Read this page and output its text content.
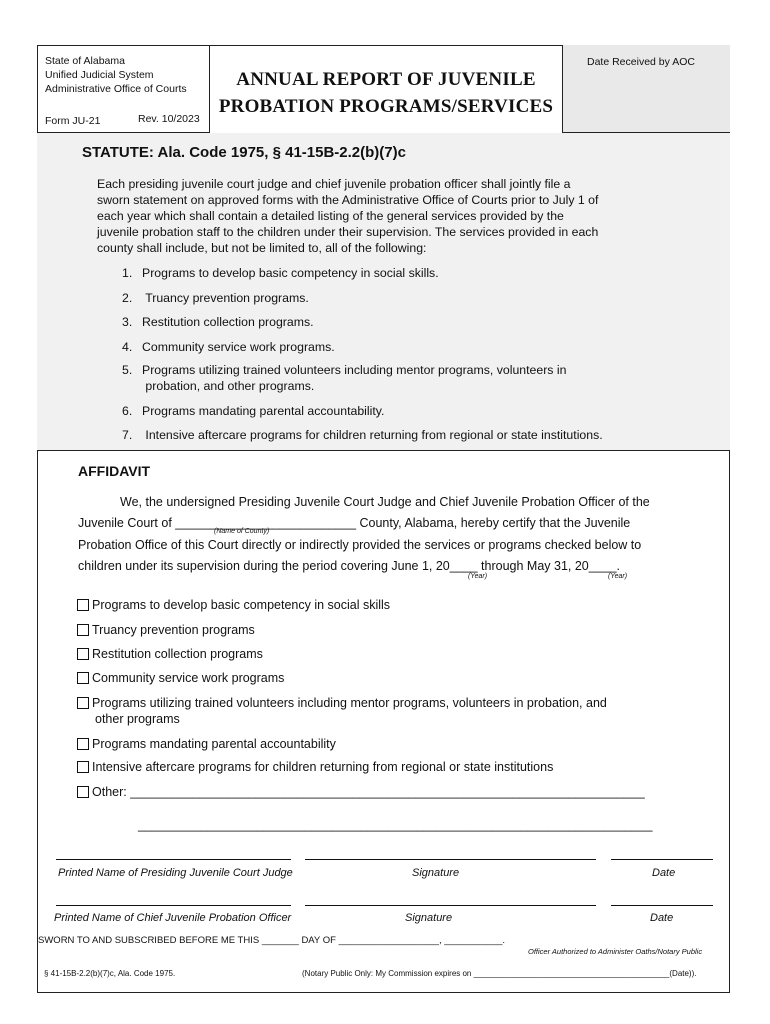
State of Alabama
Unified Judicial System
Administrative Office of Courts
Form JU-21	Rev. 10/2023
ANNUAL REPORT OF JUVENILE
PROBATION PROGRAMS/SERVICES
Date Received by AOC
STATUTE: Ala. Code 1975, § 41-15B-2.2(b)(7)c
Each presiding juvenile court judge and chief juvenile probation officer shall jointly file a
sworn statement on approved forms with the Administrative Office of Courts prior to July 1 of
each year which shall contain a detailed listing of the general services provided by the
juvenile probation staff to the children under their supervision. The services provided in each
county shall include, but not be limited to, all of the following:
1. Programs to develop basic competency in social skills.
2. Truancy prevention programs.
3. Restitution collection programs.
4. Community service work programs.
5. Programs utilizing trained volunteers including mentor programs, volunteers in
probation, and other programs.
6. Programs mandating parental accountability.
7. Intensive aftercare programs for children returning from regional or state institutions.
AFFIDAVIT
We, the undersigned Presiding Juvenile Court Judge and Chief Juvenile Probation Officer of the
Juvenile Court of __________________________ County, Alabama, hereby certify that the Juvenile
(Name of County)
Probation Office of this Court directly or indirectly provided the services or programs checked below to
children under its supervision during the period covering June 1, 20____ through May 31, 20____.
(Year)	(Year)
Programs to develop basic competency in social skills
Truancy prevention programs
Restitution collection programs
Community service work programs
Programs utilizing trained volunteers including mentor programs, volunteers in probation, and
other programs
Programs mandating parental accountability
Intensive aftercare programs for children returning from regional or state institutions
Other: __________________________________________________________________________
__________________________________________________________________________
Printed Name of Presiding Juvenile Court Judge	Signature	Date
Printed Name of Chief Juvenile Probation Officer	Signature	Date
SWORN TO AND SUBSCRIBED BEFORE ME THIS _______ DAY OF ___________________, ___________.
Officer Authorized to Administer Oaths/Notary Public
§ 41-15B-2.2(b)(7)c, Ala. Code 1975.	(Notary Public Only: My Commission expires on ____________________________________________(Date)).
